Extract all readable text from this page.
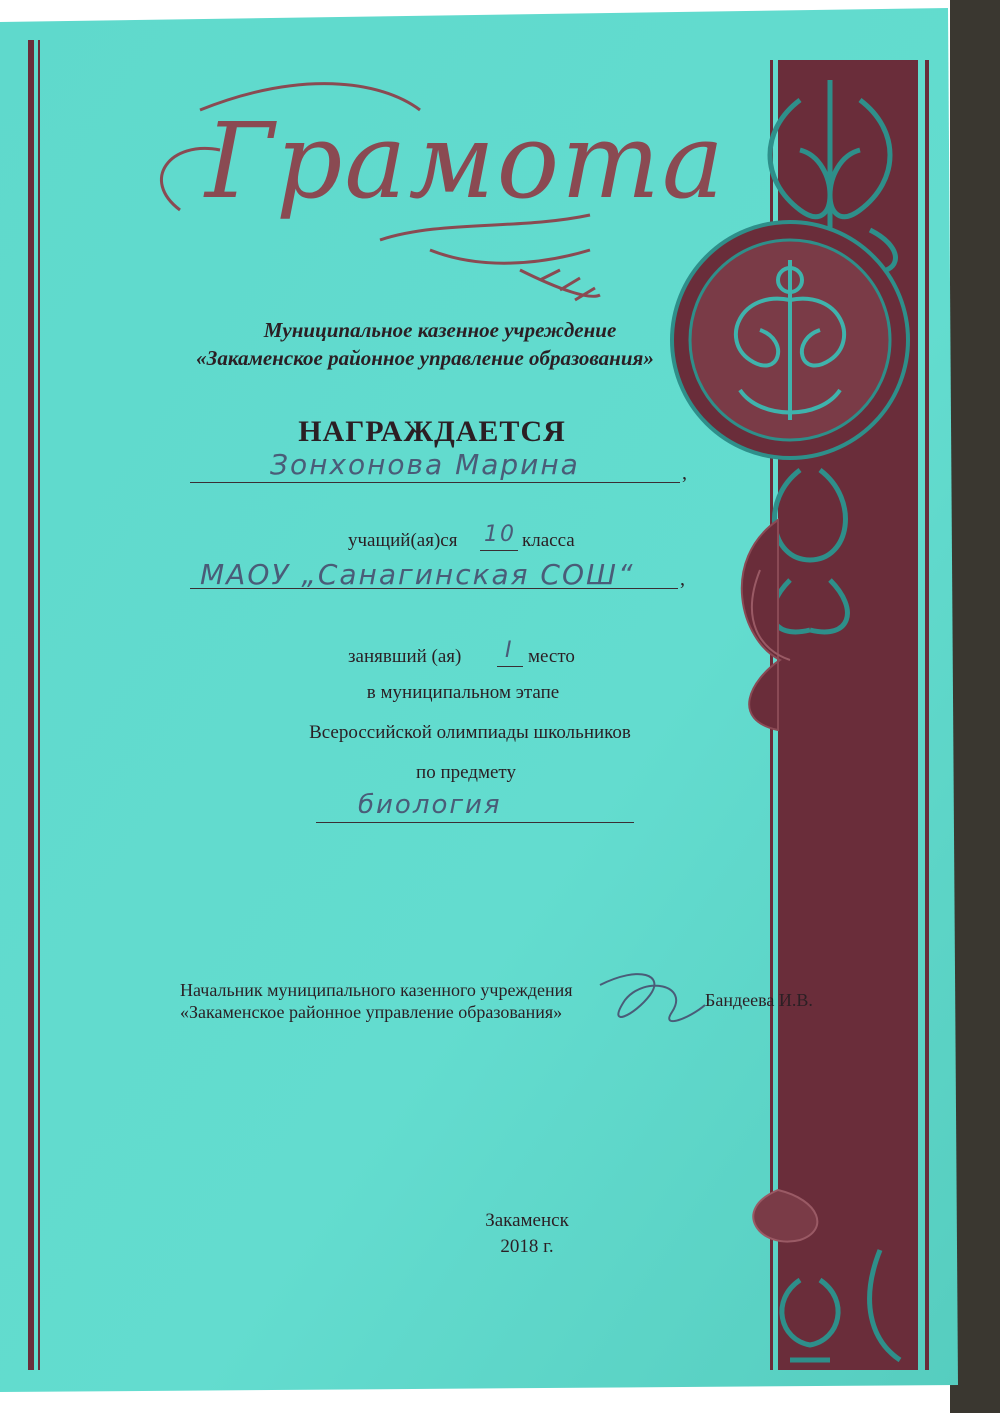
Грамота
Муниципальное казенное учреждение
«Закаменское районное управление образования»
НАГРАЖДАЕТСЯ
Зонхонова Марина	,
учащий(ая)ся 10 класса
МАОУ „Санагинская СОШ“ ,
занявший (ая) I место
в муниципальном этапе
Всероссийской олимпиады школьников
по предмету
биология
Начальник муниципального казенного учреждения
«Закаменское районное управление образования»
Бандеева И.В.
Закаменск
2018 г.
